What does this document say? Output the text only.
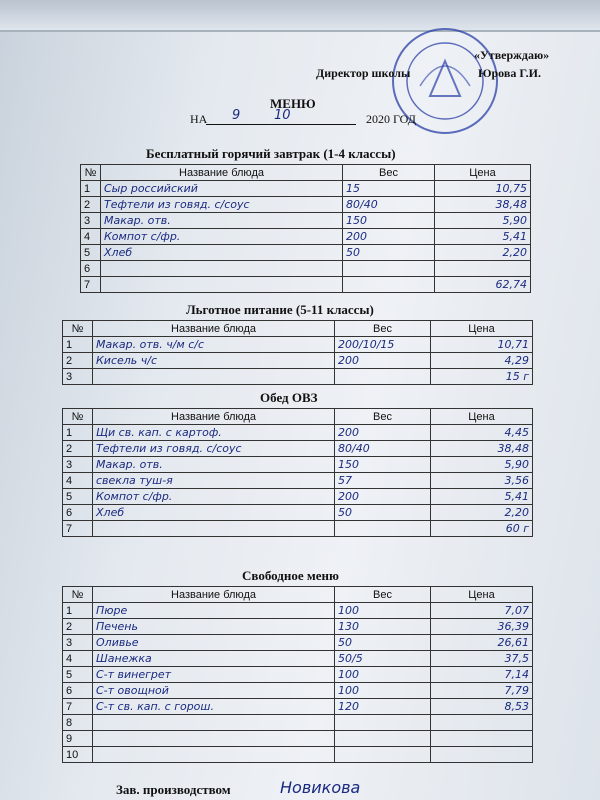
«Утверждаю»
Директор школы	Юрова Г.И.
МЕНЮ
НА 9	10	2020 ГОД
Бесплатный горячий завтрак (1-4 классы)
№	Название блюда	Вес	Цена
1	Сыр российский	15	10,75
2	Тефтели из говяд. с/соус	80/40	38,48
3	Макар. отв.	150	5,90
4	Компот с/фр.	200	5,41
5	Хлеб	50	2,20
6			
7			62,74
Льготное питание (5-11 классы)
№	Название блюда	Вес	Цена
1	Макар. отв. ч/м с/с	200/10/15	10,71
2	Кисель ч/с	200	4,29
3			15 г
Обед ОВЗ
№	Название блюда	Вес	Цена
1	Щи св. кап. с картоф.	200	4,45
2	Тефтели из говяд. с/соус	80/40	38,48
3	Макар. отв.	150	5,90
4	свекла туш-я	57	3,56
5	Компот с/фр.	200	5,41
6	Хлеб	50	2,20
7			60 г
Свободное меню
№	Название блюда	Вес	Цена
1	Пюре	100	7,07
2	Печень	130	36,39
3	Оливье	50	26,61
4	Шанежка	50/5	37,5
5	С-т винегрет	100	7,14
6	С-т овощной	100	7,79
7	С-т св. кап. с горош.	120	8,53
8			
9			
10			
Зав. производством	Новикова
